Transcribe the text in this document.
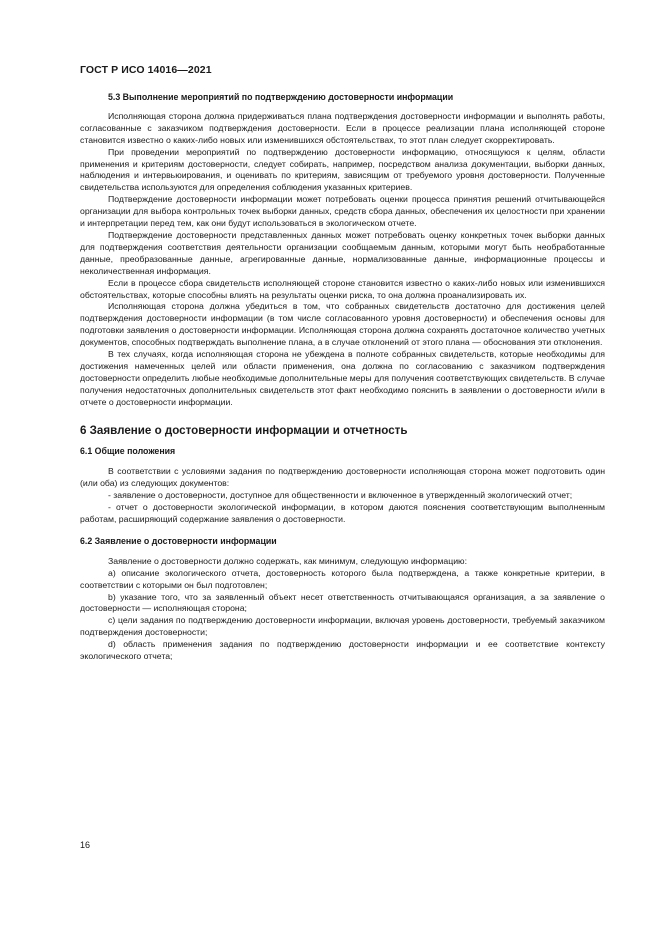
ГОСТ Р ИСО 14016—2021
5.3 Выполнение мероприятий по подтверждению достоверности информации

Исполняющая сторона должна придерживаться плана подтверждения достоверности информации и выполнять работы, согласованные с заказчиком подтверждения достоверности. Если в процессе реализации плана исполняющей стороне становится известно о каких-либо новых или изменившихся обстоятельствах, то этот план следует скорректировать.

При проведении мероприятий по подтверждению достоверности информацию, относящуюся к целям, области применения и критериям достоверности, следует собирать, например, посредством анализа документации, выборки данных, наблюдения и интервьюирования, и оценивать по критериям, зависящим от требуемого уровня достоверности. Полученные свидетельства используются для определения соблюдения указанных критериев.

Подтверждение достоверности информации может потребовать оценки процесса принятия решений отчитывающейся организации для выбора контрольных точек выборки данных, средств сбора данных, обеспечения их целостности при хранении и интерпретации перед тем, как они будут использоваться в экологическом отчете.

Подтверждение достоверности представленных данных может потребовать оценку конкретных точек выборки данных для подтверждения соответствия деятельности организации сообщаемым данным, которыми могут быть необработанные данные, преобразованные данные, агрегированные данные, нормализованные данные, информационные процессы и неколичественная информация.

Если в процессе сбора свидетельств исполняющей стороне становится известно о каких-либо новых или изменившихся обстоятельствах, которые способны влиять на результаты оценки риска, то она должна проанализировать их.

Исполняющая сторона должна убедиться в том, что собранных свидетельств достаточно для достижения целей подтверждения достоверности информации (в том числе согласованного уровня достоверности) и обеспечения основы для подготовки заявления о достоверности информации. Исполняющая сторона должна сохранять достаточное количество учетных документов, способных подтверждать выполнение плана, а в случае отклонений от этого плана — обоснования эти отклонения.

В тех случаях, когда исполняющая сторона не убеждена в полноте собранных свидетельств, которые необходимы для достижения намеченных целей или области применения, она должна по согласованию с заказчиком подтверждения достоверности определить любые необходимые дополнительные меры для получения соответствующих свидетельств. В случае получения недостаточных дополнительных свидетельств этот факт необходимо пояснить в заявлении о достоверности и/или в отчете о достоверности информации.

6 Заявление о достоверности информации и отчетность
6.1 Общие положения

В соответствии с условиями задания по подтверждению достоверности исполняющая сторона может подготовить один (или оба) из следующих документов:

- заявление о достоверности, доступное для общественности и включенное в утвержденный экологический отчет;

- отчет о достоверности экологической информации, в котором даются пояснения соответствующим выполненным работам, расширяющий содержание заявления о достоверности.

6.2 Заявление о достоверности информации

Заявление о достоверности должно содержать, как минимум, следующую информацию:

a) описание экологического отчета, достоверность которого была подтверждена, а также конкретные критерии, в соответствии с которыми он был подготовлен;

b) указание того, что за заявленный объект несет ответственность отчитывающаяся организация, а за заявление о достоверности — исполняющая сторона;

c) цели задания по подтверждению достоверности информации, включая уровень достоверности, требуемый заказчиком подтверждения достоверности;

d) область применения задания по подтверждению достоверности информации и ее соответствие контексту экологического отчета;

16
